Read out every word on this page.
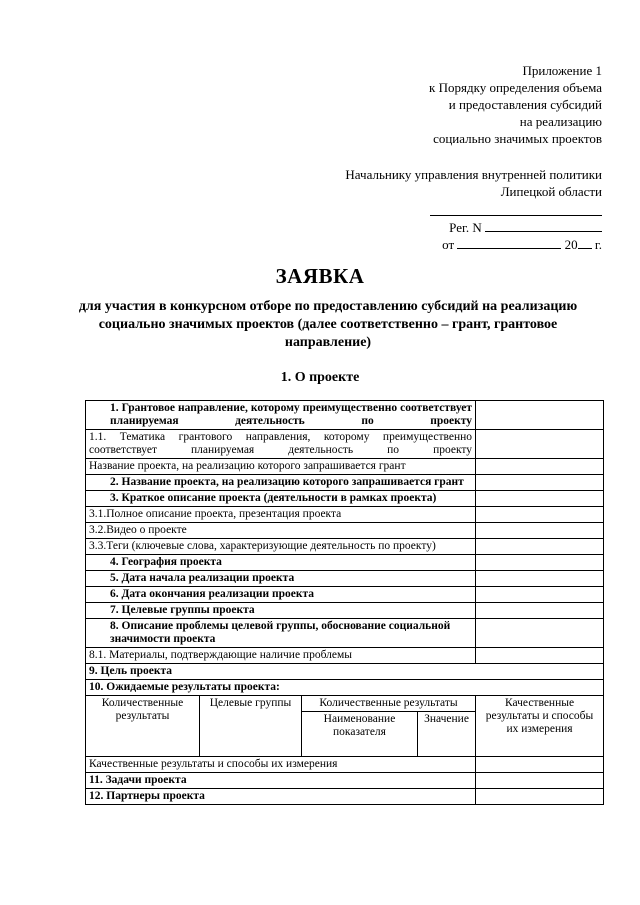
Приложение 1
к Порядку определения объема
и предоставления субсидий
на реализацию
социально значимых проектов
Начальнику управления внутренней политики
Липецкой области
Рег. N
от	20 г.
ЗАЯВКА
для участия в конкурсном отборе по предоставлению субсидий на реализацию социально значимых проектов (далее соответственно – грант, грантовое направление)
1. О проекте
1. Грантовое направление, которому преимущественно соответствует планируемая деятельность по проекту				
1.1. Тематика грантового направления, которому преимущественно соответствует планируемая деятельность по проекту				
Название проекта, на реализацию которого запрашивается грант				
2. Название проекта, на реализацию которого запрашивается грант				
3. Краткое описание проекта (деятельности в рамках проекта)				
3.1.Полное описание проекта, презентация проекта				
3.2.Видео о проекте				
3.3.Теги (ключевые слова, характеризующие деятельность по проекту)				
4. География проекта				
5. Дата начала реализации проекта				
6. Дата окончания реализации проекта				
7. Целевые группы проекта				
8. Описание проблемы целевой группы, обоснование социальной значимости проекта				
8.1. Материалы, подтверждающие наличие проблемы				
9. Цель проекта				
10. Ожидаемые результаты проекта:				
Количественные результаты	Целевые группы	Количественные результаты		Качественные результаты и способы их измерения
		Наименование показателя	Значение	
Качественные результаты и способы их измерения				
11. Задачи проекта				
12. Партнеры проекта				
